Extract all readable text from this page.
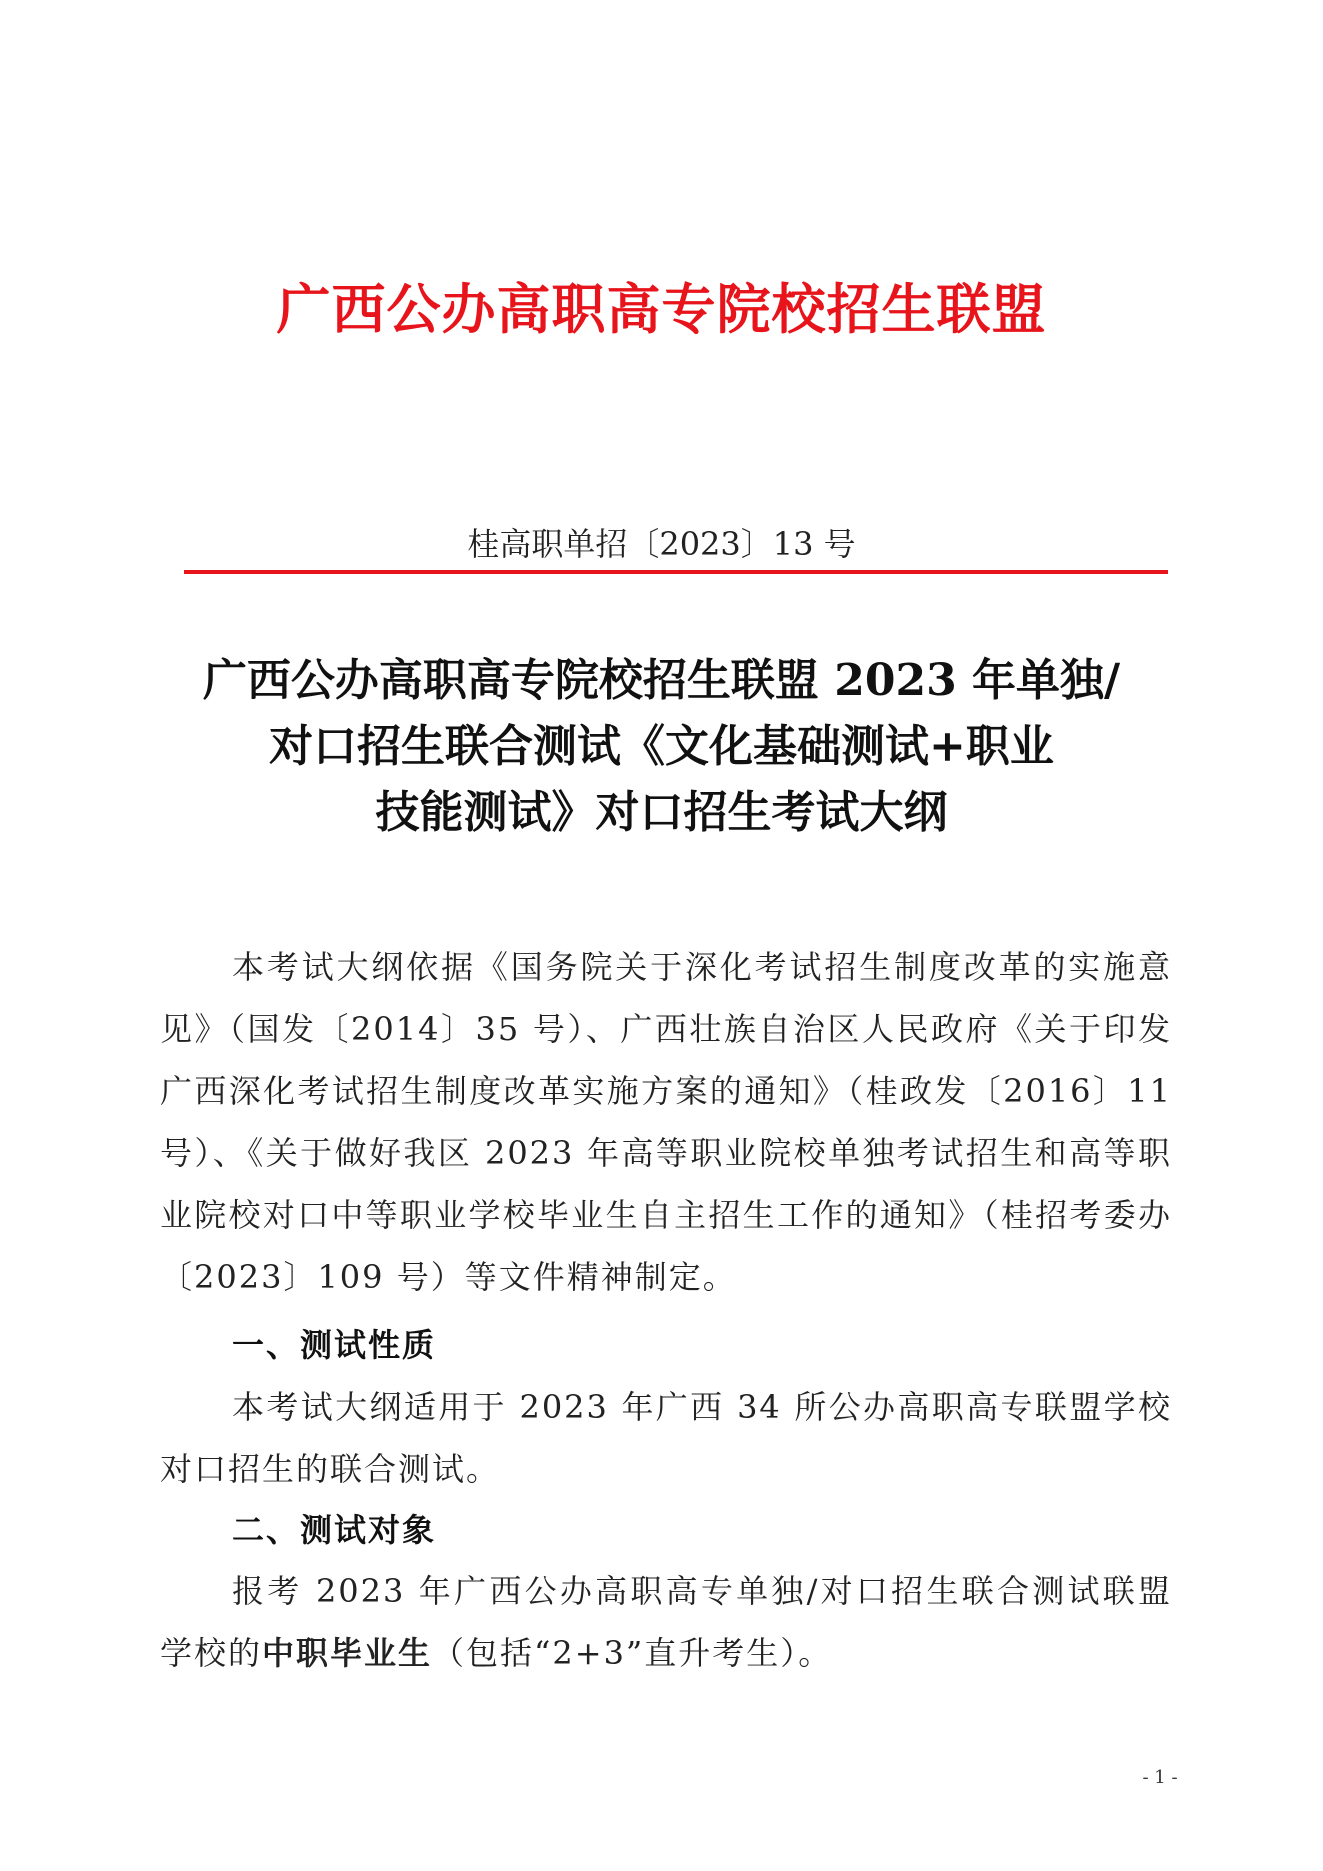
广西公办高职高专院校招生联盟
桂高职单招〔2023〕13 号
广西公办高职高专院校招生联盟 2023 年单独/
对口招生联合测试《文化基础测试+职业
技能测试》对口招生考试大纲

本考试大纲依据《国务院关于深化考试招生制度改革的实施意见》（国发〔2014〕35 号）、广西壮族自治区人民政府《关于印发广西深化考试招生制度改革实施方案的通知》（桂政发〔2016〕11 号）、《关于做好我区 2023 年高等职业院校单独考试招生和高等职业院校对口中等职业学校毕业生自主招生工作的通知》（桂招考委办〔2023〕109 号）等文件精神制定。

一、测试性质

本考试大纲适用于 2023 年广西 34 所公办高职高专联盟学校对口招生的联合测试。

二、测试对象

报考 2023 年广西公办高职高专单独/对口招生联合测试联盟学校的中职毕业生（包括“2+3”直升考生）。

- 1 -
